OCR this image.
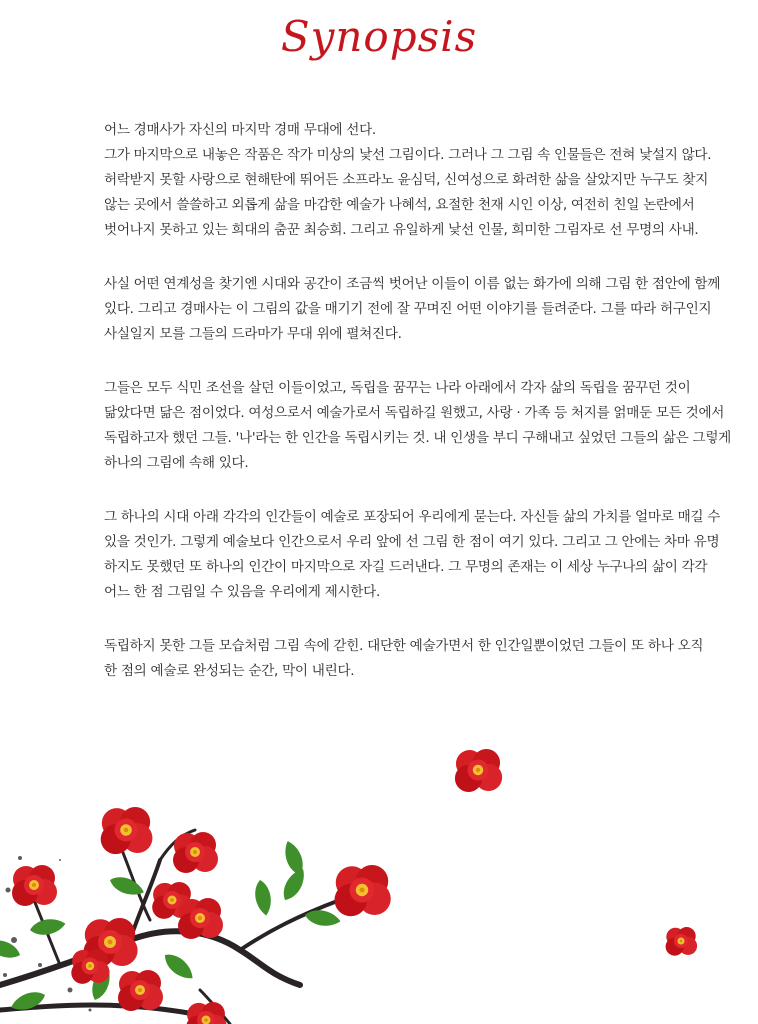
Synopsis

어느 경매사가 자신의 마지막 경매 무대에 선다.
그가 마지막으로 내놓은 작품은 작가 미상의 낯선 그림이다. 그러나 그 그림 속 인물들은 전혀 낯설지 않다.
허락받지 못할 사랑으로 현해탄에 뛰어든 소프라노 윤심덕, 신여성으로 화려한 삶을 살았지만 누구도 찾지
않는 곳에서 쓸쓸하고 외롭게 삶을 마감한 예술가 나혜석, 요절한 천재 시인 이상, 여전히 친일 논란에서
벗어나지 못하고 있는 희대의 춤꾼 최승희. 그리고 유일하게 낯선 인물, 희미한 그림자로 선 무명의 사내.

사실 어떤 연계성을 찾기엔 시대와 공간이 조금씩 벗어난 이들이 이름 없는 화가에 의해 그림 한 점안에 함께
있다. 그리고 경매사는 이 그림의 값을 매기기 전에 잘 꾸며진 어떤 이야기를 들려준다. 그를 따라 허구인지
사실일지 모를 그들의 드라마가 무대 위에 펼쳐진다.

그들은 모두 식민 조선을 살던 이들이었고, 독립을 꿈꾸는 나라 아래에서 각자 삶의 독립을 꿈꾸던 것이
닮았다면 닮은 점이었다. 여성으로서 예술가로서 독립하길 원했고, 사랑 · 가족 등 처지를 얽매둔 모든 것에서
독립하고자 했던 그들. '나'라는 한 인간을 독립시키는 것. 내 인생을 부디 구해내고 싶었던 그들의 삶은 그렇게
하나의 그림에 속해 있다.

그 하나의 시대 아래 각각의 인간들이 예술로 포장되어 우리에게 묻는다. 자신들 삶의 가치를 얼마로 매길 수
있을 것인가. 그렇게 예술보다 인간으로서 우리 앞에 선 그림 한 점이 여기 있다. 그리고 그 안에는 차마 유명
하지도 못했던 또 하나의 인간이 마지막으로 자길 드러낸다. 그 무명의 존재는 이 세상 누구나의 삶이 각각
어느 한 점 그림일 수 있음을 우리에게 제시한다.

독립하지 못한 그들 모습처럼 그림 속에 갇힌. 대단한 예술가면서 한 인간일뿐이었던 그들이 또 하나 오직
한 점의 예술로 완성되는 순간, 막이 내린다.
